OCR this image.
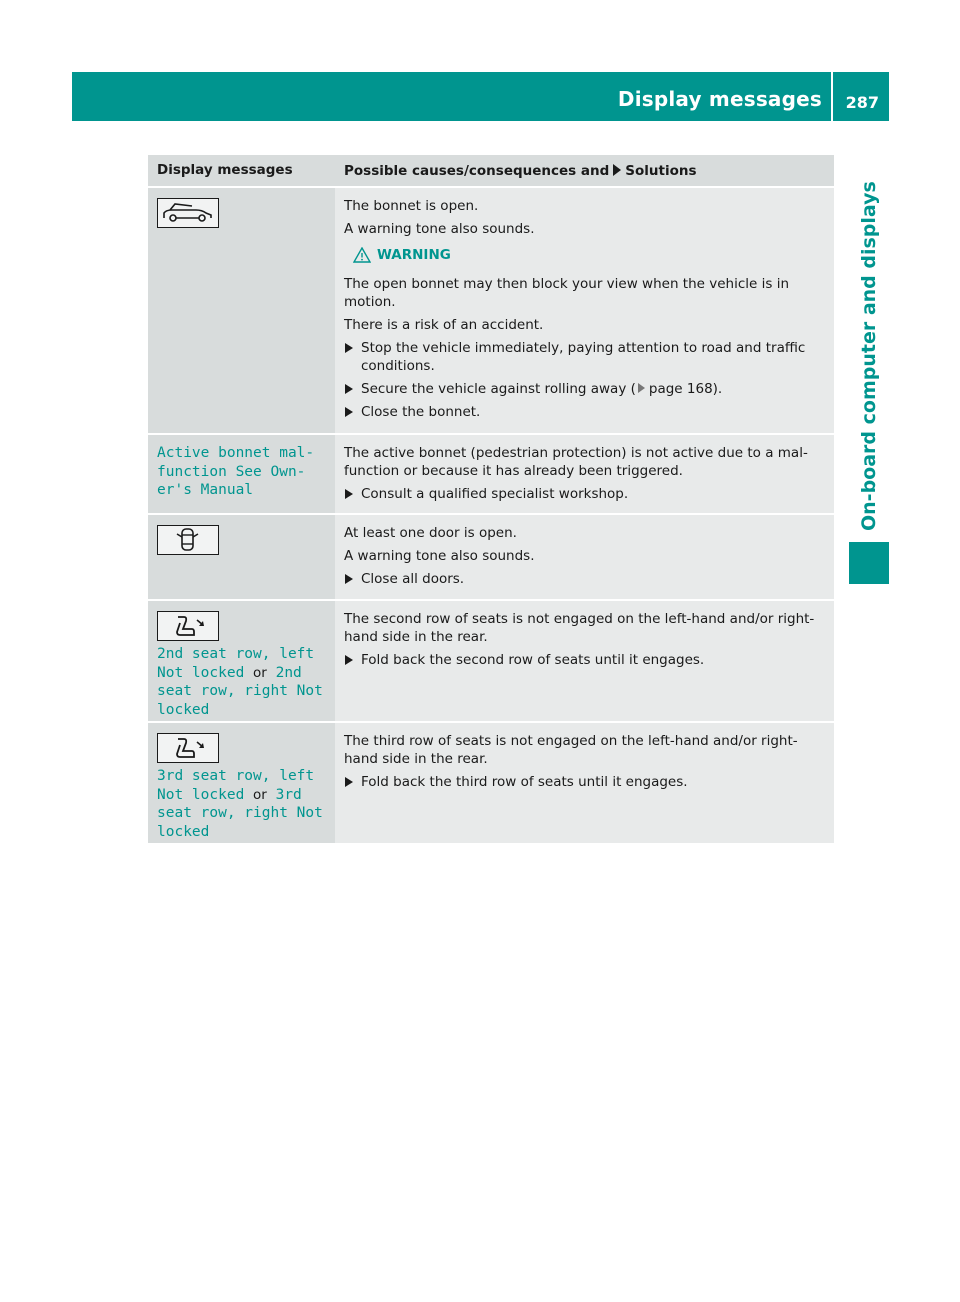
Display messages 287
On-board computer and displays
Display messages	Possible causes/consequences and Solutions

The bonnet is open.

A warning tone also sounds.

WARNING

The open bonnet may then block your view when the vehicle is in motion.

There is a risk of an accident.

Stop the vehicle immediately, paying attention to road and traffic conditions.
Secure the vehicle against rolling away ( page 168).
Close the bonnet.
Active bonnet mal‑
function See Own‑
er's Manual

The active bonnet (pedestrian protection) is not active due to a mal-function or because it has already been triggered.

Consult a qualified specialist workshop.

At least one door is open.

A warning tone also sounds.

Close all doors.
2nd seat row, left
Not locked or 2nd
seat row, right Not
locked

The second row of seats is not engaged on the left-hand and/or right-hand side in the rear.

Fold back the second row of seats until it engages.
3rd seat row, left
Not locked or 3rd
seat row, right Not
locked

The third row of seats is not engaged on the left-hand and/or right-hand side in the rear.

Fold back the third row of seats until it engages.
